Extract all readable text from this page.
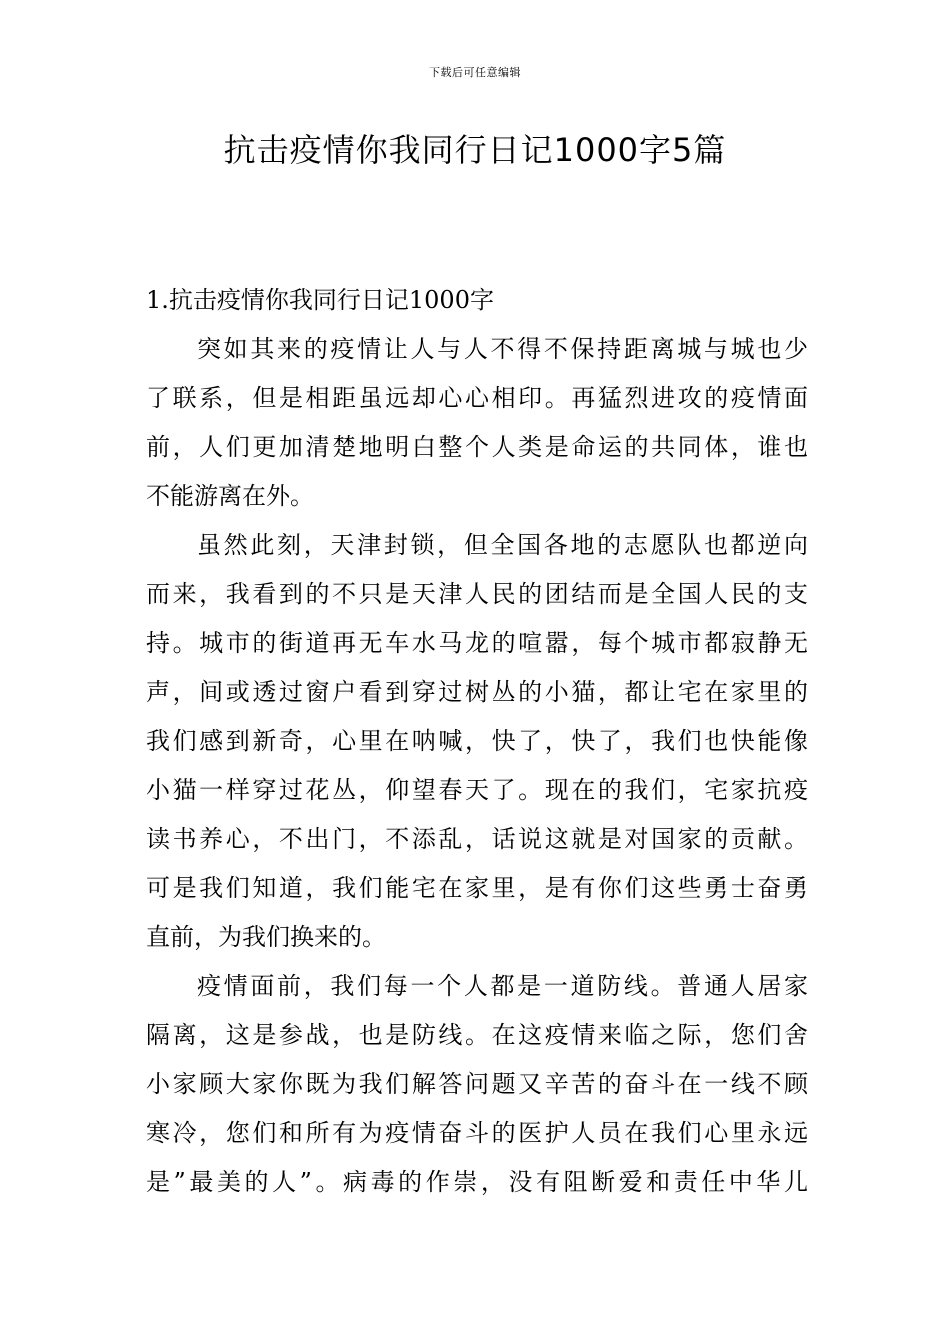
下载后可任意编辑
抗击疫情你我同行日记1000字5篇
1.抗击疫情你我同行日记1000字
突如其来的疫情让人与人不得不保持距离城与城也少
了联系，但是相距虽远却心心相印。再猛烈进攻的疫情面
前，人们更加清楚地明白整个人类是命运的共同体，谁也
不能游离在外。
虽然此刻，天津封锁，但全国各地的志愿队也都逆向
而来，我看到的不只是天津人民的团结而是全国人民的支
持。城市的街道再无车水马龙的喧嚣，每个城市都寂静无
声，间或透过窗户看到穿过树丛的小猫，都让宅在家里的
我们感到新奇，心里在呐喊，快了，快了，我们也快能像
小猫一样穿过花丛，仰望春天了。现在的我们，宅家抗疫
读书养心，不出门，不添乱，话说这就是对国家的贡献。
可是我们知道，我们能宅在家里，是有你们这些勇士奋勇
直前，为我们换来的。
疫情面前，我们每一个人都是一道防线。普通人居家
隔离，这是参战，也是防线。在这疫情来临之际，您们舍
小家顾大家你既为我们解答问题又辛苦的奋斗在一线不顾
寒冷，您们和所有为疫情奋斗的医护人员在我们心里永远
是”最美的人”。病毒的作崇，没有阻断爱和责任中华儿
